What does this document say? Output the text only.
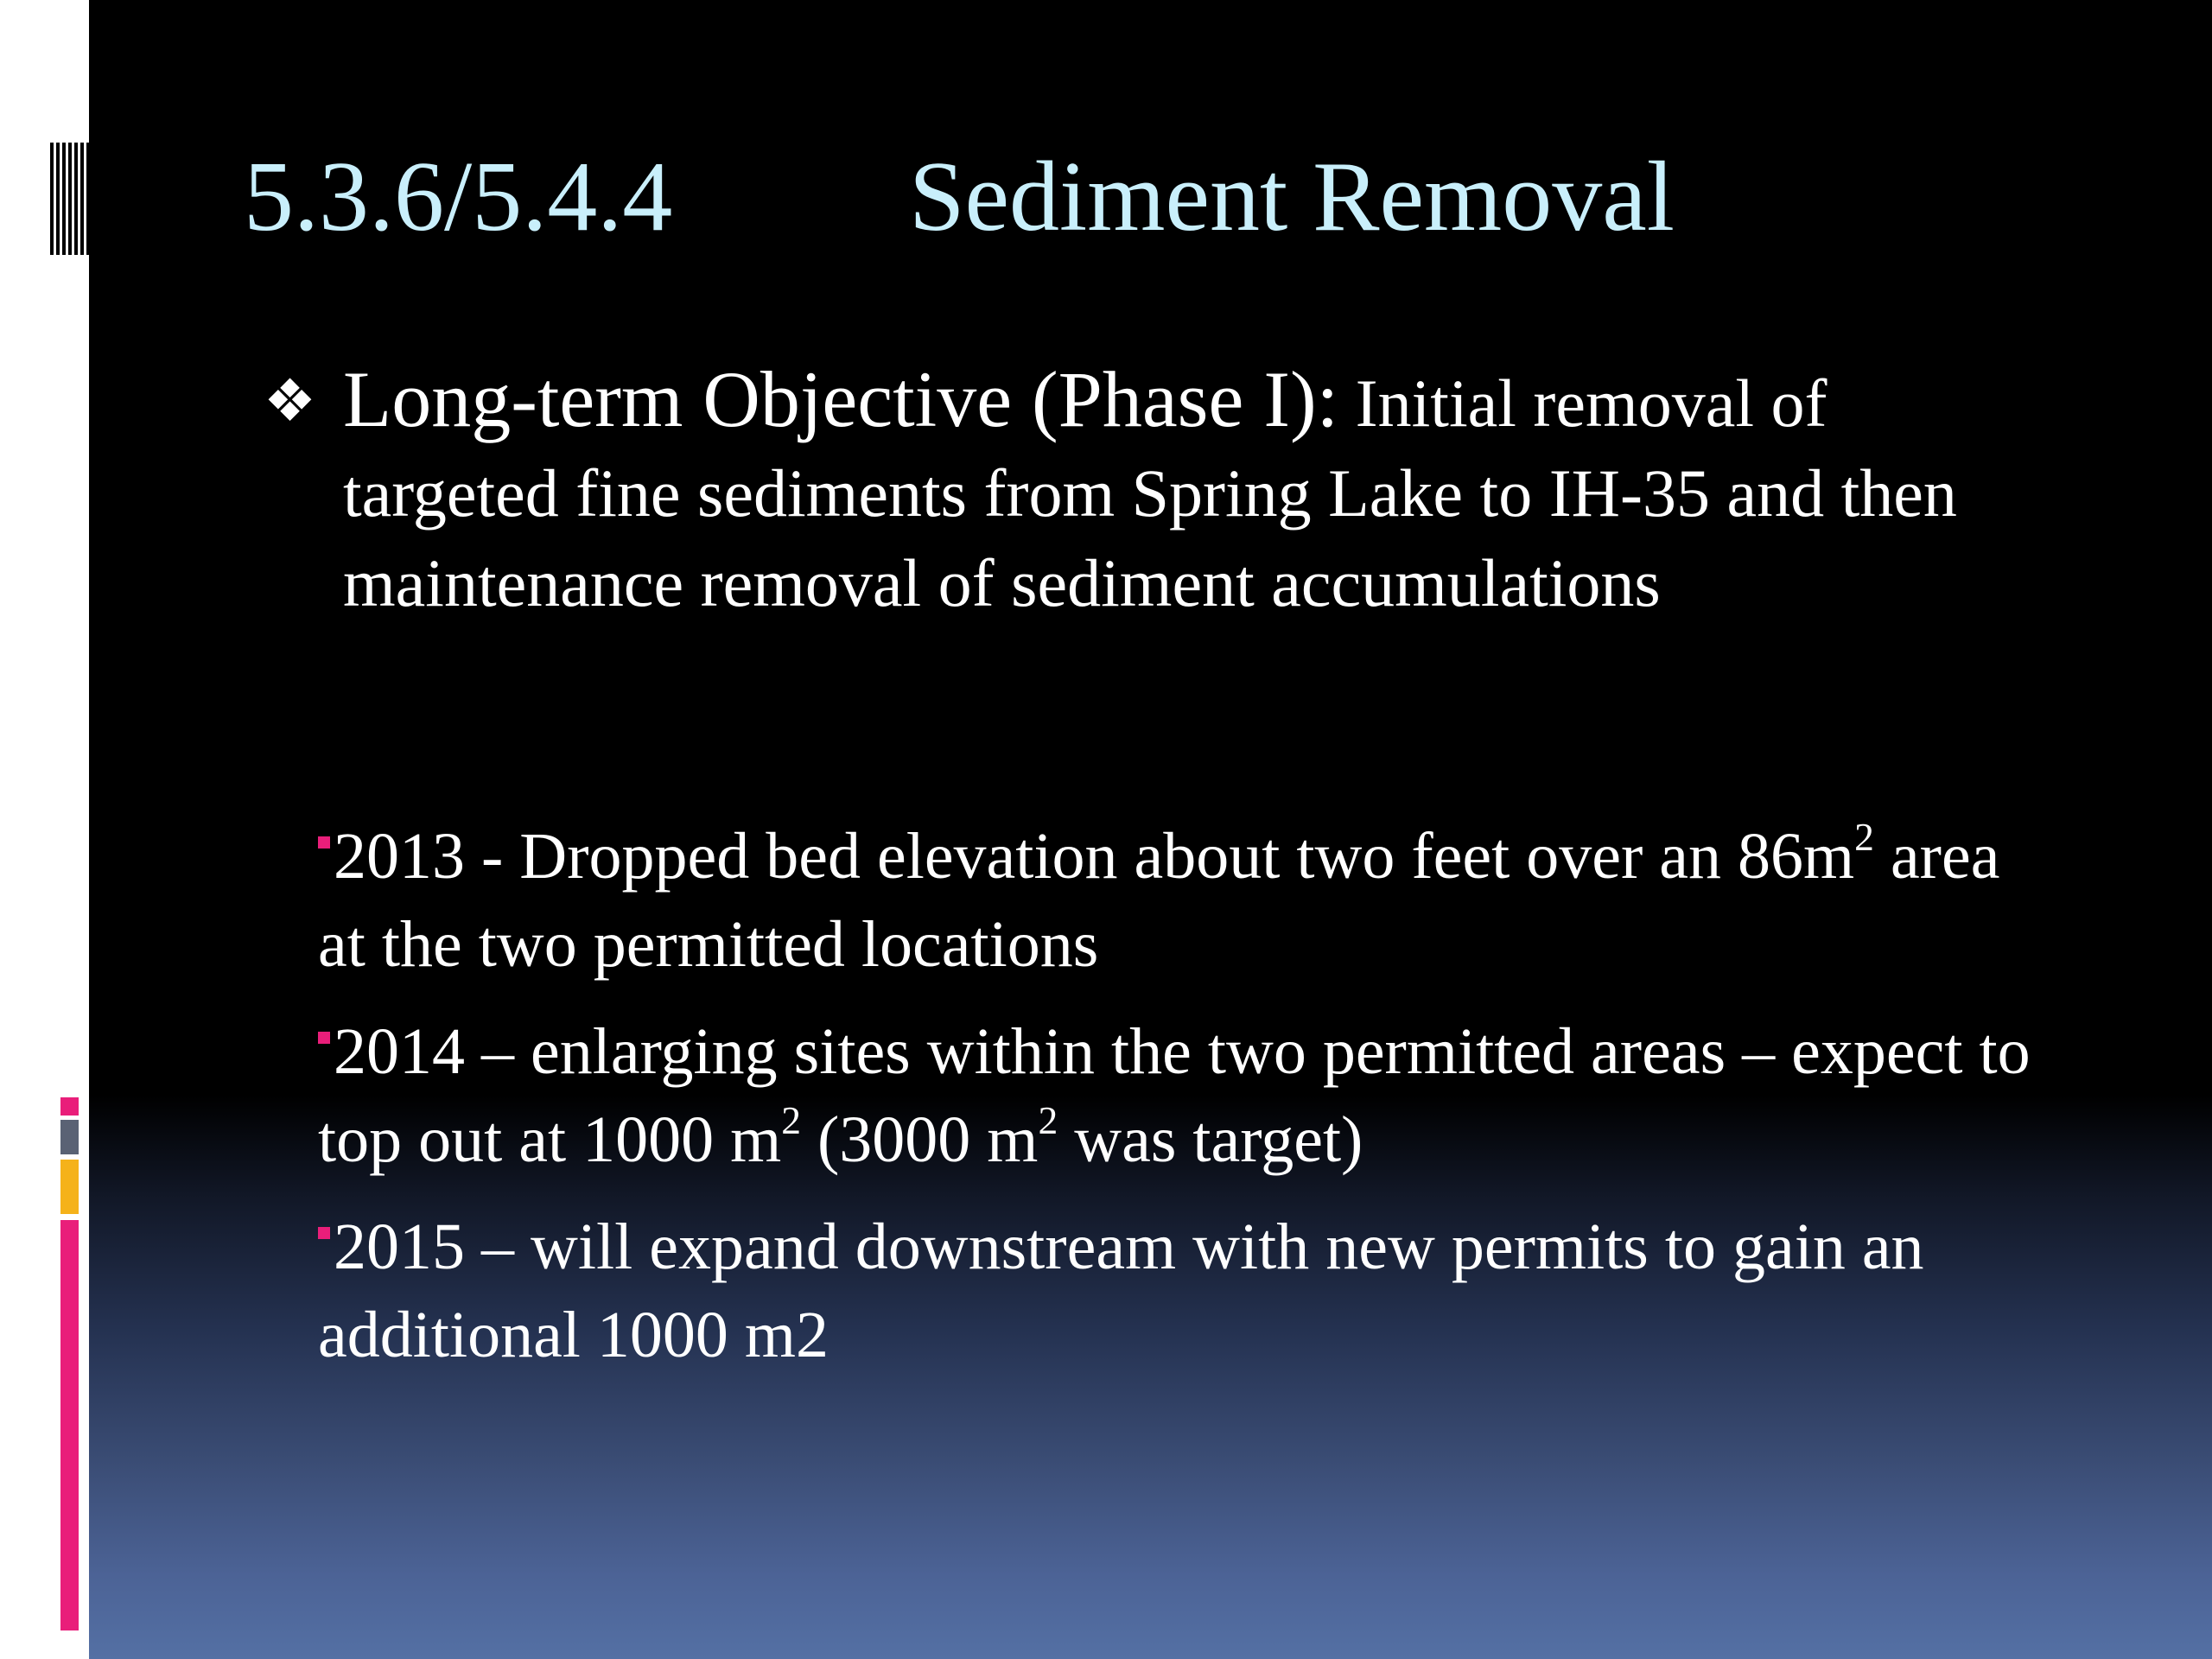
5.3.6/5.4.4 Sediment Removal
❖ Long-term Objective (Phase I): Initial removal of targeted fine sediments from Spring Lake to IH-35 and then maintenance removal of sediment accumulations
2013 - Dropped bed elevation about two feet over an $86m^2$ area at the two permitted locations
2014 – enlarging sites within the two permitted areas – expect to top out at 1000 $m^2$ (3000 $m^2$ was target)
2015 – will expand downstream with new permits to gain an additional 1000 m2
